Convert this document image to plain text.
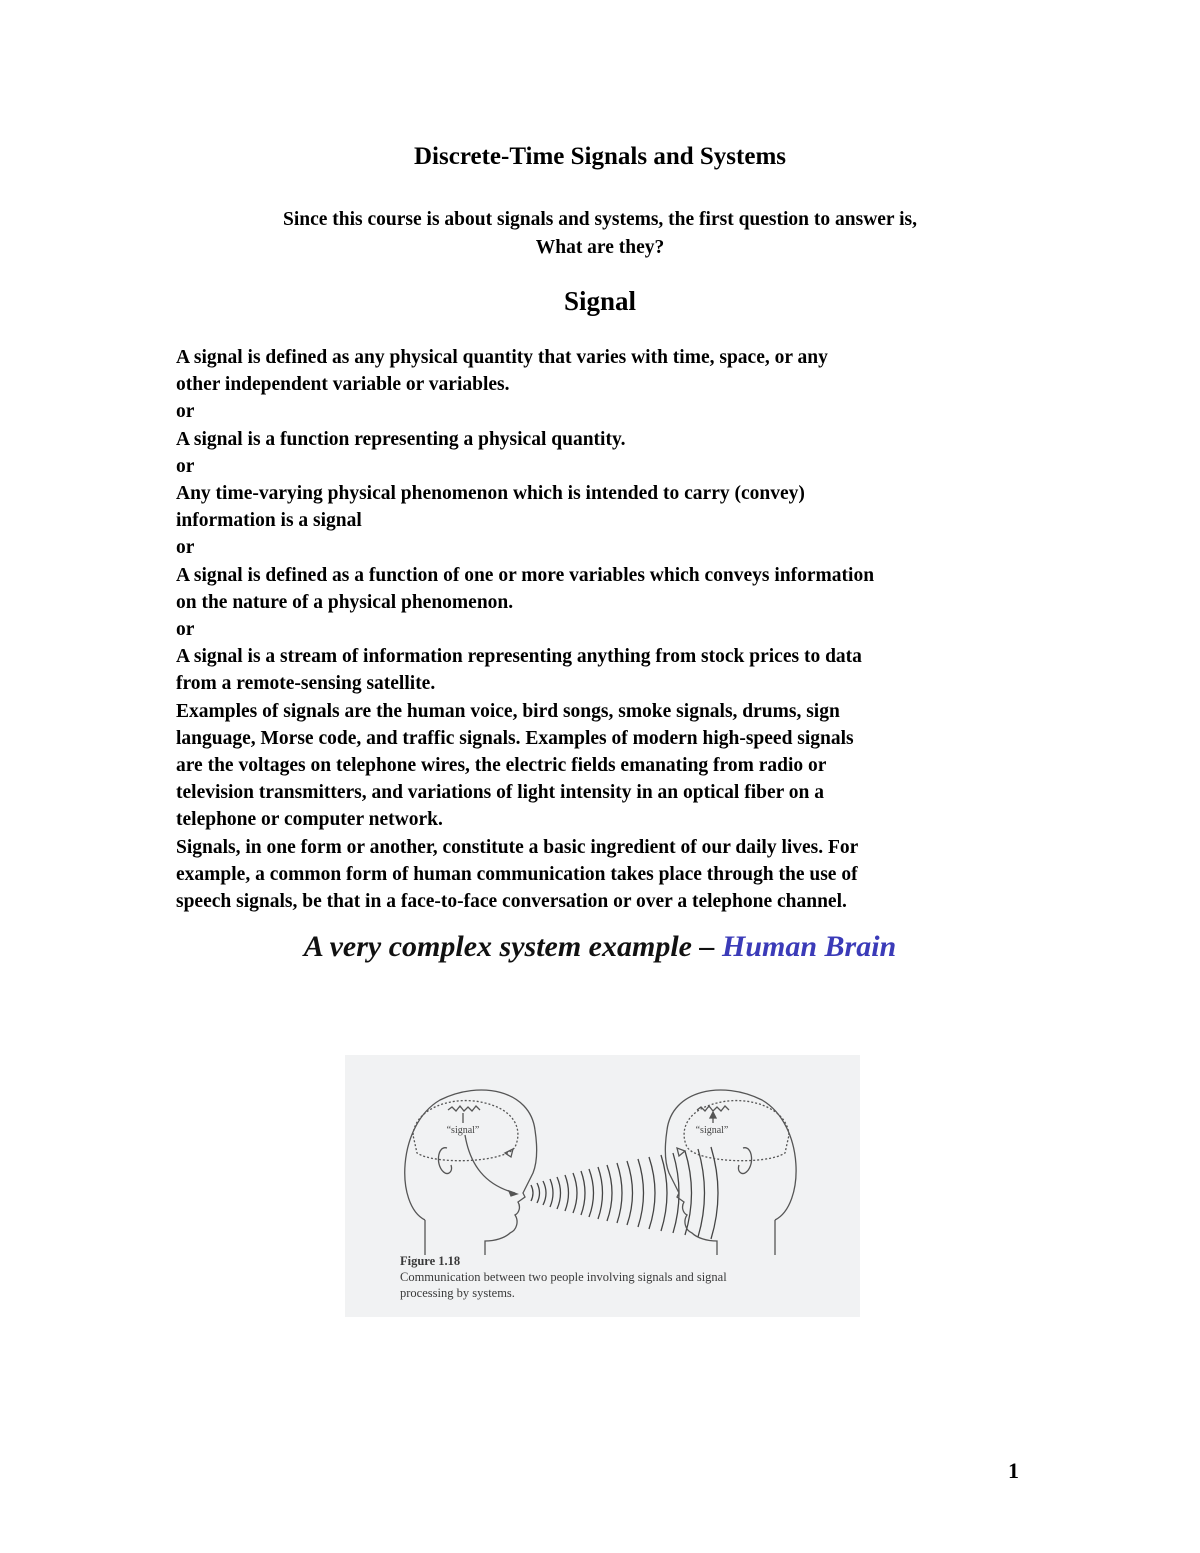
Discrete-Time Signals and Systems
Since this course is about signals and systems, the first question to answer is,
What are they?
Signal
A signal is defined as any physical quantity that varies with time, space, or any
other independent variable or variables.
or
A signal is a function representing a physical quantity.
or
Any time-varying physical phenomenon which is intended to carry (convey)
information is a signal
or
A signal is defined as a function of one or more variables which conveys information
on the nature of a physical phenomenon.
or
A signal is a stream of information representing anything from stock prices to data
from a remote-sensing satellite.
Examples of signals are the human voice, bird songs, smoke signals, drums, sign
language, Morse code, and traffic signals. Examples of modern high-speed signals
are the voltages on telephone wires, the electric fields emanating from radio or
television transmitters, and variations of light intensity in an optical fiber on a
telephone or computer network.
Signals, in one form or another, constitute a basic ingredient of our daily lives. For
example, a common form of human communication takes place through the use of
speech signals, be that in a face-to-face conversation or over a telephone channel.
A very complex system example – Human Brain
“signal”	“signal”
Figure 1.18
Communication between two people involving signals and signal
processing by systems.
1
